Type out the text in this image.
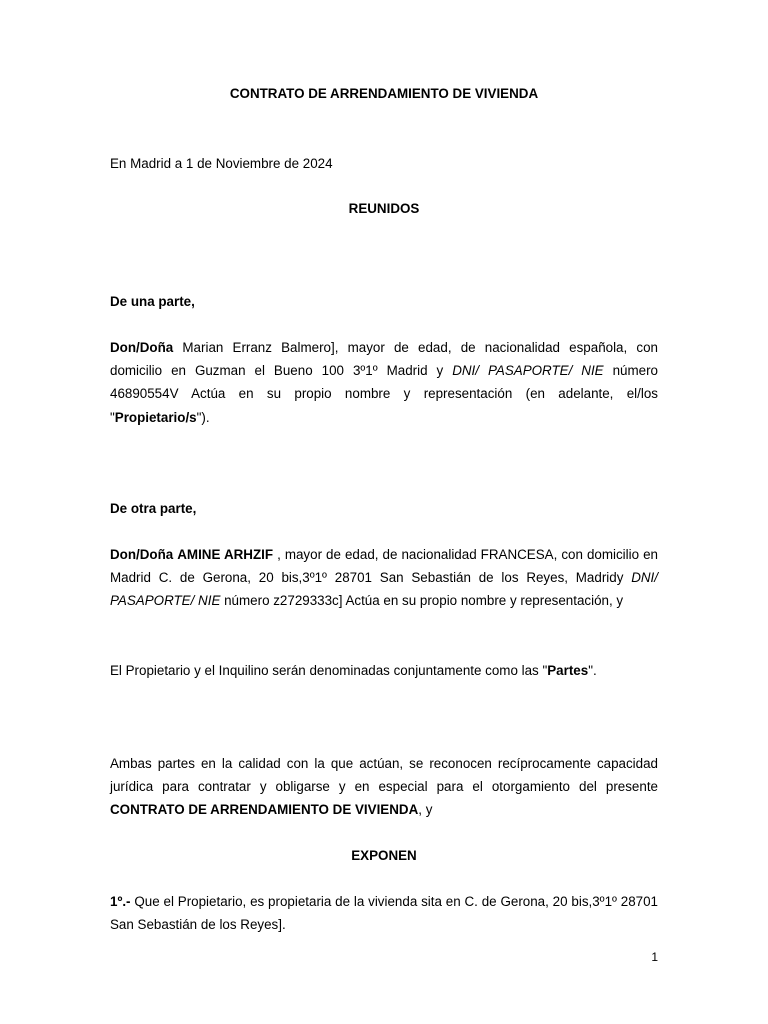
CONTRATO DE ARRENDAMIENTO DE VIVIENDA

En Madrid a 1 de Noviembre de 2024

REUNIDOS

De una parte,

Don/Doña Marian Erranz Balmero], mayor de edad, de nacionalidad española, con domicilio en Guzman el Bueno 100 3º1º Madrid y DNI/ PASAPORTE/ NIE número 46890554V Actúa en su propio nombre y representación (en adelante, el/los "Propietario/s").

De otra parte,

Don/Doña AMINE ARHZIF , mayor de edad, de nacionalidad FRANCESA, con domicilio en Madrid C. de Gerona, 20 bis,3º1º 28701 San Sebastián de los Reyes, Madridy DNI/ PASAPORTE/ NIE número z2729333c] Actúa en su propio nombre y representación, y

El Propietario y el Inquilino serán denominadas conjuntamente como las "Partes".

Ambas partes en la calidad con la que actúan, se reconocen recíprocamente capacidad jurídica para contratar y obligarse y en especial para el otorgamiento del presente CONTRATO DE ARRENDAMIENTO DE VIVIENDA, y

EXPONEN

1º.- Que el Propietario, es propietaria de la vivienda sita en C. de Gerona, 20 bis,3º1º 28701 San Sebastián de los Reyes].

1
